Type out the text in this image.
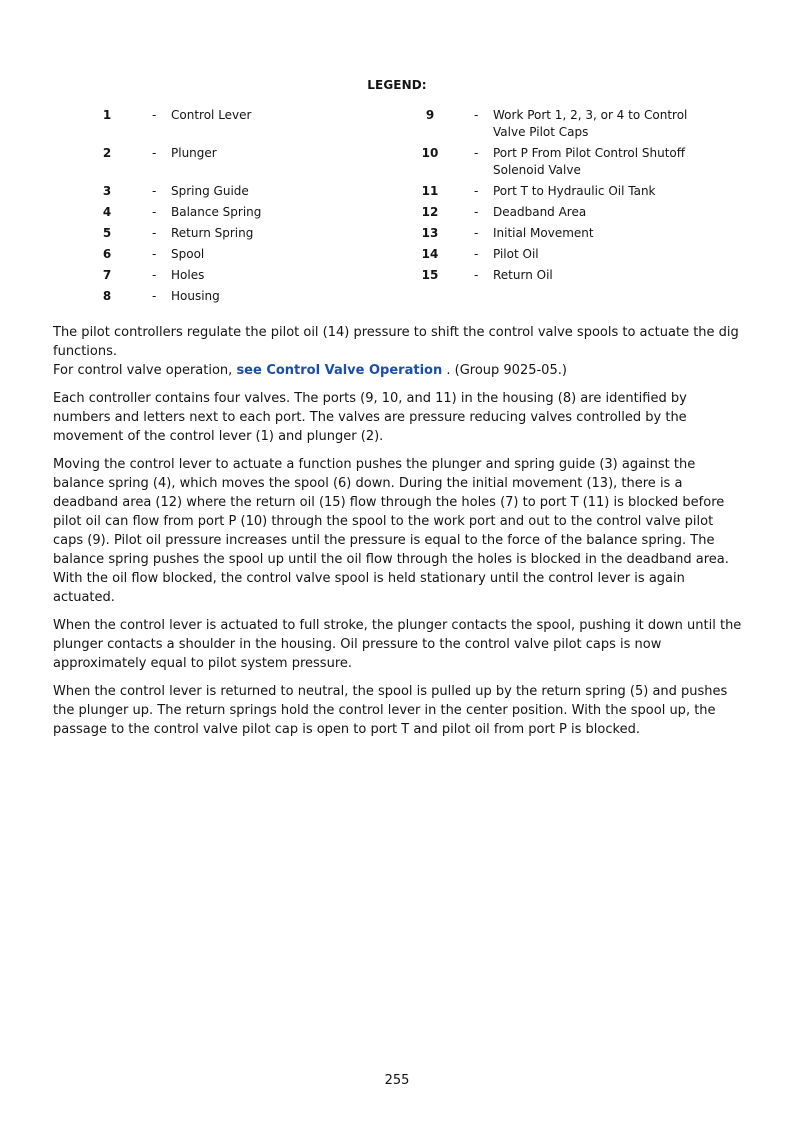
LEGEND:
1	- Control Lever
2	- Plunger
3	- Spring Guide
4	- Balance Spring
5	- Return Spring
6	- Spool
7	- Holes
8	- Housing
9	- Work Port 1, 2, 3, or 4 to Control Valve Pilot Caps
10	- Port P From Pilot Control Shutoff Solenoid Valve
11	- Port T to Hydraulic Oil Tank
12	- Deadband Area
13	- Initial Movement
14	- Pilot Oil
15	- Return Oil

The pilot controllers regulate the pilot oil (14) pressure to shift the control valve spools to actuate the dig functions.

For control valve operation, see Control Valve Operation . (Group 9025-05.)

Each controller contains four valves. The ports (9, 10, and 11) in the housing (8) are identified by numbers and letters next to each port. The valves are pressure reducing valves controlled by the movement of the control lever (1) and plunger (2).

Moving the control lever to actuate a function pushes the plunger and spring guide (3) against the balance spring (4), which moves the spool (6) down. During the initial movement (13), there is a deadband area (12) where the return oil (15) flow through the holes (7) to port T (11) is blocked before pilot oil can flow from port P (10) through the spool to the work port and out to the control valve pilot caps (9). Pilot oil pressure increases until the pressure is equal to the force of the balance spring. The balance spring pushes the spool up until the oil flow through the holes is blocked in the deadband area. With the oil flow blocked, the control valve spool is held stationary until the control lever is again actuated.

When the control lever is actuated to full stroke, the plunger contacts the spool, pushing it down until the plunger contacts a shoulder in the housing. Oil pressure to the control valve pilot caps is now approximately equal to pilot system pressure.

When the control lever is returned to neutral, the spool is pulled up by the return spring (5) and pushes the plunger up. The return springs hold the control lever in the center position. With the spool up, the passage to the control valve pilot cap is open to port T and pilot oil from port P is blocked.

255
